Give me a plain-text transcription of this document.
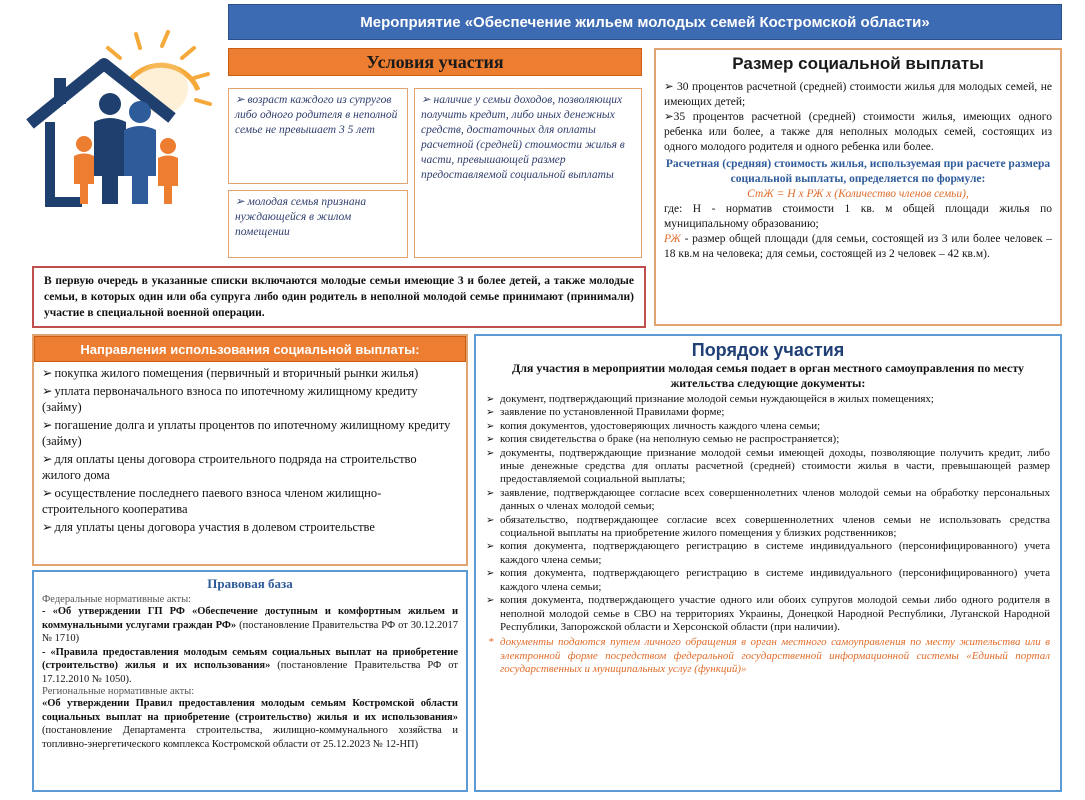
Мероприятие «Обеспечение жильем молодых семей Костромской области»
Условия участия
➢ возраст каждого из супругов либо одного родителя в неполной семье не превышает 3 5 лет
➢ молодая семья признана нуждающейся в жилом помещении
➢ наличие у семьи доходов, позволяющих получить кредит, либо иных денежных средств, достаточных для оплаты расчетной (средней) стоимости жилья в части, превышающей размер предоставляемой социальной выплаты
В первую очередь в указанные списки включаются молодые семьи имеющие 3 и более детей, а также молодые семьи, в которых один или оба супруга либо один родитель в неполной молодой семье принимают (принимали) участие в специальной военной операции.
Размер социальной выплаты

➢ 30 процентов расчетной (средней) стоимости жилья для молодых семей, не имеющих детей;

➢35 процентов расчетной (средней) стоимости жилья, имеющих одного ребенка или более, а также для неполных молодых семей, состоящих из одного молодого родителя и одного ребенка или более.

Расчетная (средняя) стоимость жилья, используемая при расчете размера социальной выплаты, определяется по формуле:

СтЖ = Н х РЖ х (Количество членов семьи),

где: Н - норматив стоимости 1 кв. м общей площади жилья по муниципальному образованию;

РЖ - размер общей площади (для семьи, состоящей из 3 или более человек – 18 кв.м на человека; для семьи, состоящей из 2 человек – 42 кв.м).

Направления использования социальной выплаты:
➢ покупка жилого помещения (первичный и вторичный рынки жилья)
➢ уплата первоначального взноса по ипотечному жилищному кредиту (займу)
➢ погашение долга и уплаты процентов по ипотечному жилищному кредиту (займу)
➢ для оплаты цены договора строительного подряда на строительство жилого дома
➢ осуществление последнего паевого взноса членом жилищно-строительного кооператива
➢ для уплаты цены договора участия в долевом строительстве
Правовая база
Федеральные нормативные акты:

- «Об утверждении ГП РФ «Обеспечение доступным и комфортным жильем и коммунальными услугами граждан РФ» (постановление Правительства РФ от 30.12.2017 № 1710)

- «Правила предоставления молодым семьям социальных выплат на приобретение (строительство) жилья и их использования» (постановление Правительства РФ от 17.12.2010 № 1050).

Региональные нормативные акты:

«Об утверждении Правил предоставления молодым семьям Костромской области социальных выплат на приобретение (строительство) жилья и их использования» (постановление Департамента строительства, жилищно-коммунального хозяйства и топливно-энергетического комплекса Костромской области от 25.12.2023 № 12-НП)

Порядок участия
Для участия в мероприятии молодая семья подает в орган местного самоуправления по месту жительства следующие документы:
➢ документ, подтверждающий признание молодой семьи нуждающейся в жилых помещениях;
➢ заявление по установленной Правилами форме;
➢ копия документов, удостоверяющих личность каждого члена семьи;
➢ копия свидетельства о браке (на неполную семью не распространяется);
➢ документы, подтверждающие признание молодой семьи имеющей доходы, позволяющие получить кредит, либо иные денежные средства для оплаты расчетной (средней) стоимости жилья в части, превышающей размер предоставляемой социальной выплаты;
➢ заявление, подтверждающее согласие всех совершеннолетних членов молодой семьи на обработку персональных данных о членах молодой семьи;
➢ обязательство, подтверждающее согласие всех совершеннолетних членов семьи не использовать средства социальной выплаты на приобретение жилого помещения у близких родственников;
➢ копия документа, подтверждающего регистрацию в системе индивидуального (персонифицированного) учета каждого члена семьи;
➢ копия документа, подтверждающего регистрацию в системе индивидуального (персонифицированного) учета каждого члена семьи;
➢ копия документа, подтверждающего участие одного или обоих супругов молодой семьи либо одного родителя в неполной молодой семье в СВО на территориях Украины, Донецкой Народной Республики, Луганской Народной Республики, Запорожской области и Херсонской области (при наличии).
* документы подаются путем личного обращения в орган местного самоуправления по месту жительства или в электронной форме посредством федеральной государственной информационной системы «Единый портал государственных и муниципальных услуг (функций)»
